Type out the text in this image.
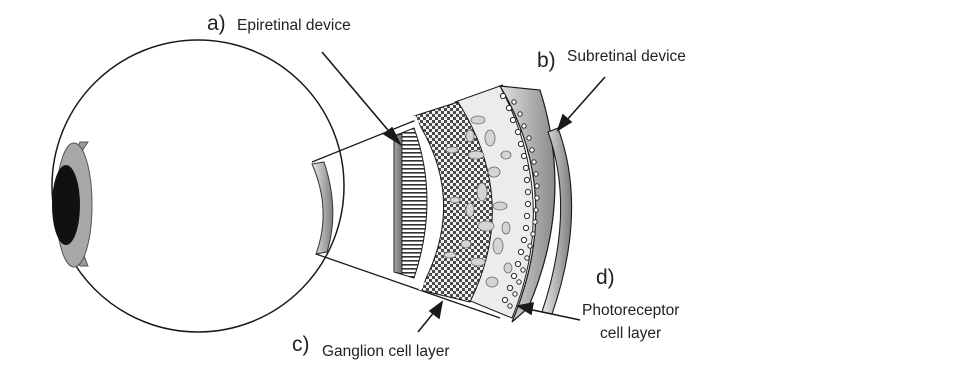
a) Epiretinal device
b) Subretinal device
c) Ganglion cell layer
d)
Photoreceptor
cell layer
